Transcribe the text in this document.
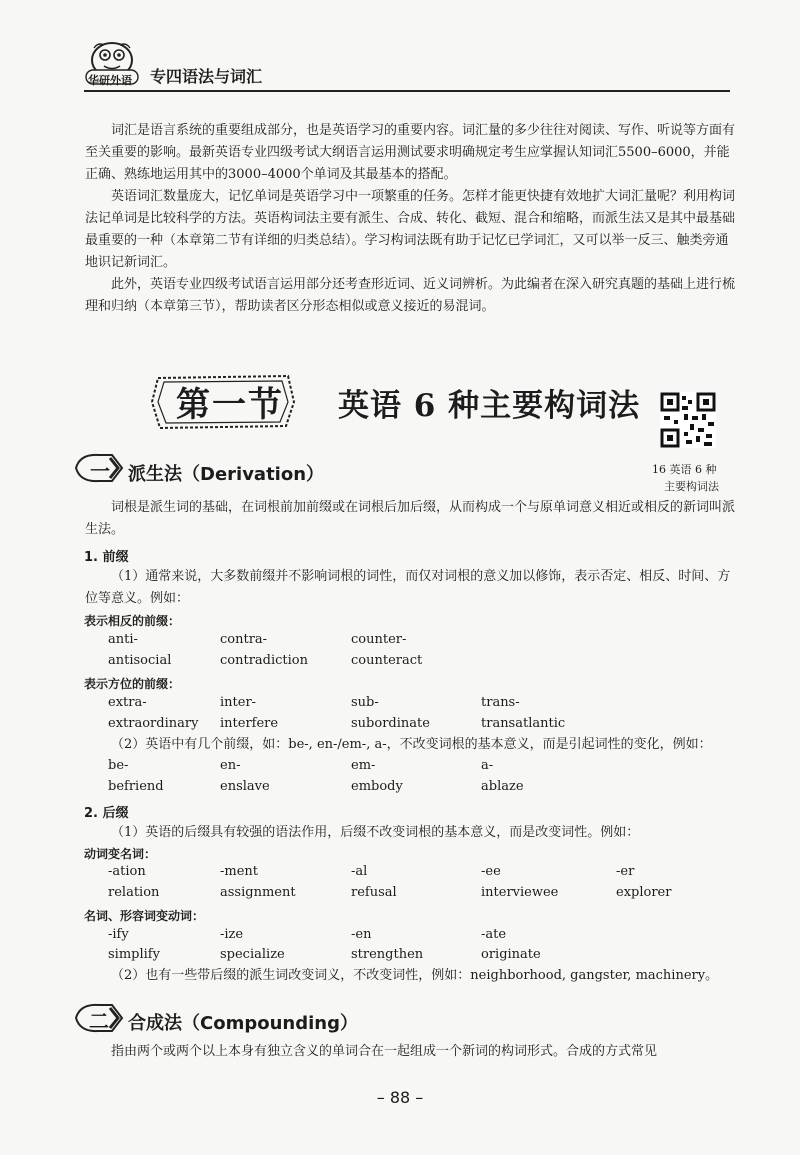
华研外语 专四语法与词汇

词汇是语言系统的重要组成部分，也是英语学习的重要内容。词汇量的多少往往对阅读、写作、听说等方面有至关重要的影响。最新英语专业四级考试大纲语言运用测试要求明确规定考生应掌握认知词汇5500–6000，并能正确、熟练地运用其中的3000–4000个单词及其最基本的搭配。

英语词汇数量庞大，记忆单词是英语学习中一项繁重的任务。怎样才能更快捷有效地扩大词汇量呢？利用构词法记单词是比较科学的方法。英语构词法主要有派生、合成、转化、截短、混合和缩略，而派生法又是其中最基础最重要的一种（本章第二节有详细的归类总结）。学习构词法既有助于记忆已学词汇，又可以举一反三、触类旁通地识记新词汇。

此外，英语专业四级考试语言运用部分还考查形近词、近义词辨析。为此编者在深入研究真题的基础上进行梳理和归纳（本章第三节），帮助读者区分形态相似或意义接近的易混词。

第一节 英语 6 种主要构词法
一 派生法（Derivation）	16 英语 6 种
主要构词法

词根是派生词的基础，在词根前加前缀或在词根后加后缀，从而构成一个与原单词意义相近或相反的新词叫派生法。

1. 前缀

（1）通常来说，大多数前缀并不影响词根的词性，而仅对词根的意义加以修饰，表示否定、相反、时间、方位等意义。例如：

表示相反的前缀：
anti-	contra-	counter-
antisocial	contradiction	counteract
表示方位的前缀：
extra-	inter-	sub-	trans-
extraordinary interfere	subordinate	transatlantic

（2）英语中有几个前缀，如：be-, en-/em-, a-，不改变词根的基本意义，而是引起词性的变化，例如：

be-	en-	em-	a-
befriend	enslave	embody	ablaze
2. 后缀

（1）英语的后缀具有较强的语法作用，后缀不改变词根的基本意义，而是改变词性。例如：

动词变名词：
-ation	-ment	-al	-ee	-er
relation	assignment	refusal	interviewee	explorer
名词、形容词变动词：
-ify	-ize	-en	-ate
simplify	specialize	strengthen	originate

（2）也有一些带后缀的派生词改变词义，不改变词性，例如：neighborhood, gangster, machinery。

二 合成法（Compounding）

指由两个或两个以上本身有独立含义的单词合在一起组成一个新词的构词形式。合成的方式常见

– 88 –
